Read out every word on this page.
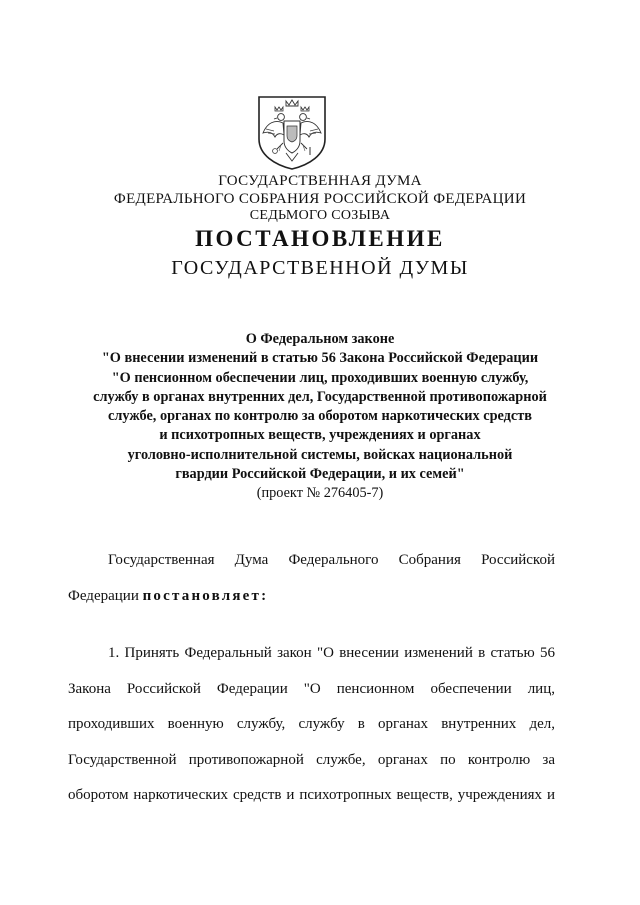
ГОСУДАРСТВЕННАЯ ДУМА
ФЕДЕРАЛЬНОГО СОБРАНИЯ РОССИЙСКОЙ ФЕДЕРАЦИИ
СЕДЬМОГО СОЗЫВА
ПОСТАНОВЛЕНИЕ
ГОСУДАРСТВЕННОЙ ДУМЫ
О Федеральном законе
"О внесении изменений в статью 56 Закона Российской Федерации
"О пенсионном обеспечении лиц, проходивших военную службу,
службу в органах внутренних дел, Государственной противопожарной
службе, органах по контролю за оборотом наркотических средств
и психотропных веществ, учреждениях и органах
уголовно-исполнительной системы, войсках национальной
гвардии Российской Федерации, и их семей"
(проект № 276405-7)
Государственная Дума Федерального Собрания Российской
Федерации постановляет:
1. Принять Федеральный закон "О внесении изменений в статью 56
Закона Российской Федерации "О пенсионном обеспечении лиц,
проходивших военную службу, службу в органах внутренних дел,
Государственной противопожарной службе, органах по контролю за
оборотом наркотических средств и психотропных веществ, учреждениях и
